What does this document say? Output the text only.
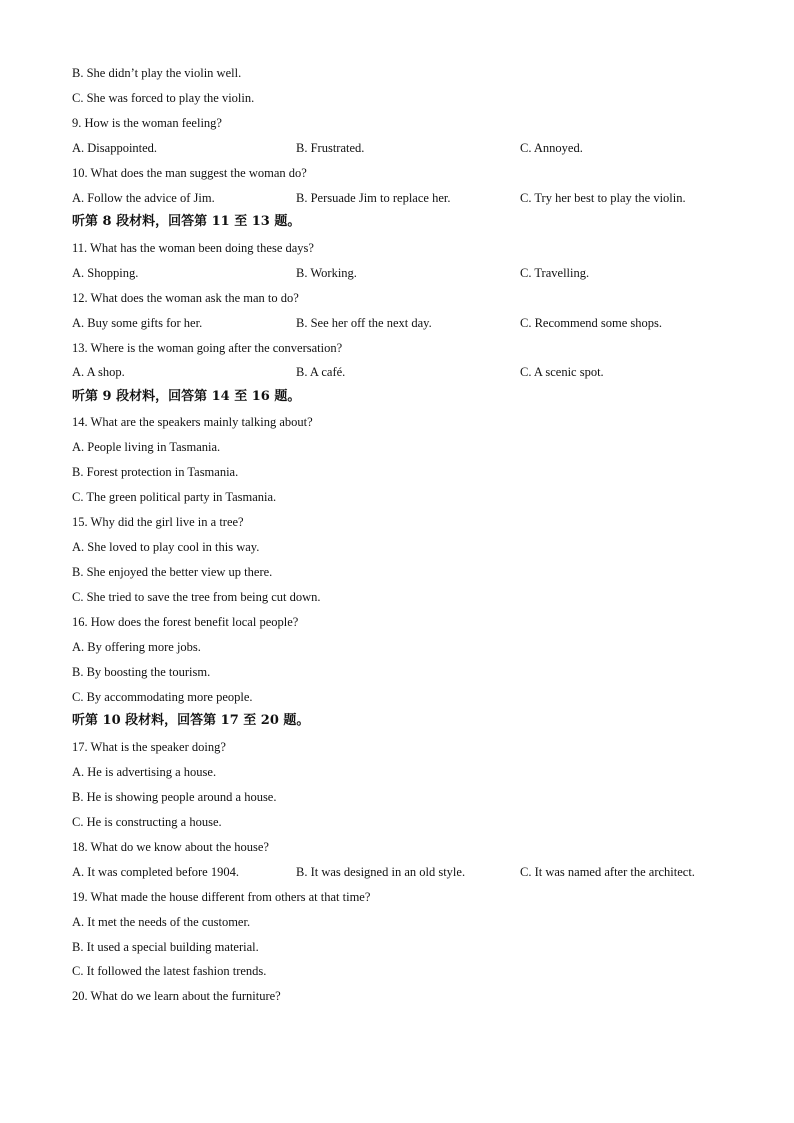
B. She didn’t play the violin well.
C. She was forced to play the violin.
9. How is the woman feeling?
A. Disappointed.	B. Frustrated.	C. Annoyed.
10. What does the man suggest the woman do?
A. Follow the advice of Jim.	B. Persuade Jim to replace her.	C. Try her best to play the violin.
听第 8 段材料，回答第 11 至 13 题。
11. What has the woman been doing these days?
A. Shopping.	B. Working.	C. Travelling.
12. What does the woman ask the man to do?
A. Buy some gifts for her.	B. See her off the next day.	C. Recommend some shops.
13. Where is the woman going after the conversation?
A. A shop.	B. A café.	C. A scenic spot.
听第 9 段材料，回答第 14 至 16 题。
14. What are the speakers mainly talking about?
A. People living in Tasmania.
B. Forest protection in Tasmania.
C. The green political party in Tasmania.
15. Why did the girl live in a tree?
A. She loved to play cool in this way.
B. She enjoyed the better view up there.
C. She tried to save the tree from being cut down.
16. How does the forest benefit local people?
A. By offering more jobs.
B. By boosting the tourism.
C. By accommodating more people.
听第 10 段材料，回答第 17 至 20 题。
17. What is the speaker doing?
A. He is advertising a house.
B. He is showing people around a house.
C. He is constructing a house.
18. What do we know about the house?
A. It was completed before 1904.	B. It was designed in an old style.	C. It was named after the architect.
19. What made the house different from others at that time?
A. It met the needs of the customer.
B. It used a special building material.
C. It followed the latest fashion trends.
20. What do we learn about the furniture?
